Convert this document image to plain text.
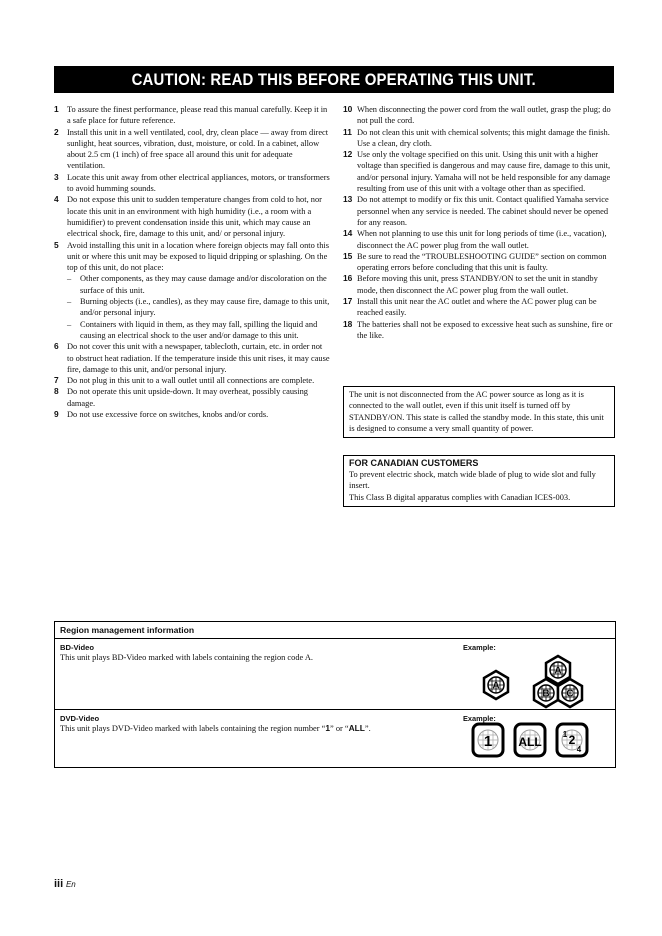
CAUTION: READ THIS BEFORE OPERATING THIS UNIT.
1 To assure the finest performance, please read this manual carefully. Keep it in a safe place for future reference.
2 Install this unit in a well ventilated, cool, dry, clean place — away from direct sunlight, heat sources, vibration, dust, moisture, or cold. In a cabinet, allow about 2.5 cm (1 inch) of free space all around this unit for adequate ventilation.
3 Locate this unit away from other electrical appliances, motors, or transformers to avoid humming sounds.
4 Do not expose this unit to sudden temperature changes from cold to hot, nor locate this unit in an environment with high humidity (i.e., a room with a humidifier) to prevent condensation inside this unit, which may cause an electrical shock, fire, damage to this unit, and/ or personal injury.
5 Avoid installing this unit in a location where foreign objects may fall onto this unit or where this unit may be exposed to liquid dripping or splashing. On the top of this unit, do not place:
–	Other components, as they may cause damage and/or discoloration on the surface of this unit.
–	Burning objects (i.e., candles), as they may cause fire, damage to this unit, and/or personal injury.
–	Containers with liquid in them, as they may fall, spilling the liquid and causing an electrical shock to the user and/or damage to this unit.
6 Do not cover this unit with a newspaper, tablecloth, curtain, etc. in order not to obstruct heat radiation. If the temperature inside this unit rises, it may cause fire, damage to this unit, and/or personal injury.
7 Do not plug in this unit to a wall outlet until all connections are complete.
8 Do not operate this unit upside-down. It may overheat, possibly causing damage.
9 Do not use excessive force on switches, knobs and/or cords.
10 When disconnecting the power cord from the wall outlet, grasp the plug; do not pull the cord.
11 Do not clean this unit with chemical solvents; this might damage the finish. Use a clean, dry cloth.
12 Use only the voltage specified on this unit. Using this unit with a higher voltage than specified is dangerous and may cause fire, damage to this unit, and/or personal injury. Yamaha will not be held responsible for any damage resulting from use of this unit with a voltage other than as specified.
13 Do not attempt to modify or fix this unit. Contact qualified Yamaha service personnel when any service is needed. The cabinet should never be opened for any reason.
14 When not planning to use this unit for long periods of time (i.e., vacation), disconnect the AC power plug from the wall outlet.
15 Be sure to read the “TROUBLESHOOTING GUIDE” section on common operating errors before concluding that this unit is faulty.
16 Before moving this unit, press STANDBY/ON to set the unit in standby mode, then disconnect the AC power plug from the wall outlet.
17 Install this unit near the AC outlet and where the AC power plug can be reached easily.
18 The batteries shall not be exposed to excessive heat such as sunshine, fire or the like.
The unit is not disconnected from the AC power source as long as it is connected to the wall outlet, even if this unit itself is turned off by STANDBY/ON. This state is called the standby mode. In this state, this unit is designed to consume a very small quantity of power.
FOR CANADIAN CUSTOMERS
To prevent electric shock, match wide blade of plug to wide slot and fully insert.
This Class B digital apparatus complies with Canadian ICES-003.
Region management information
BD-Video
This unit plays BD-Video marked with labels containing the region code A.
Example:
A
A
B C
DVD-Video
This unit plays DVD-Video marked with labels containing the region number “1” or “ALL”.
Example:
1 ALL
1 2
4
iii En
